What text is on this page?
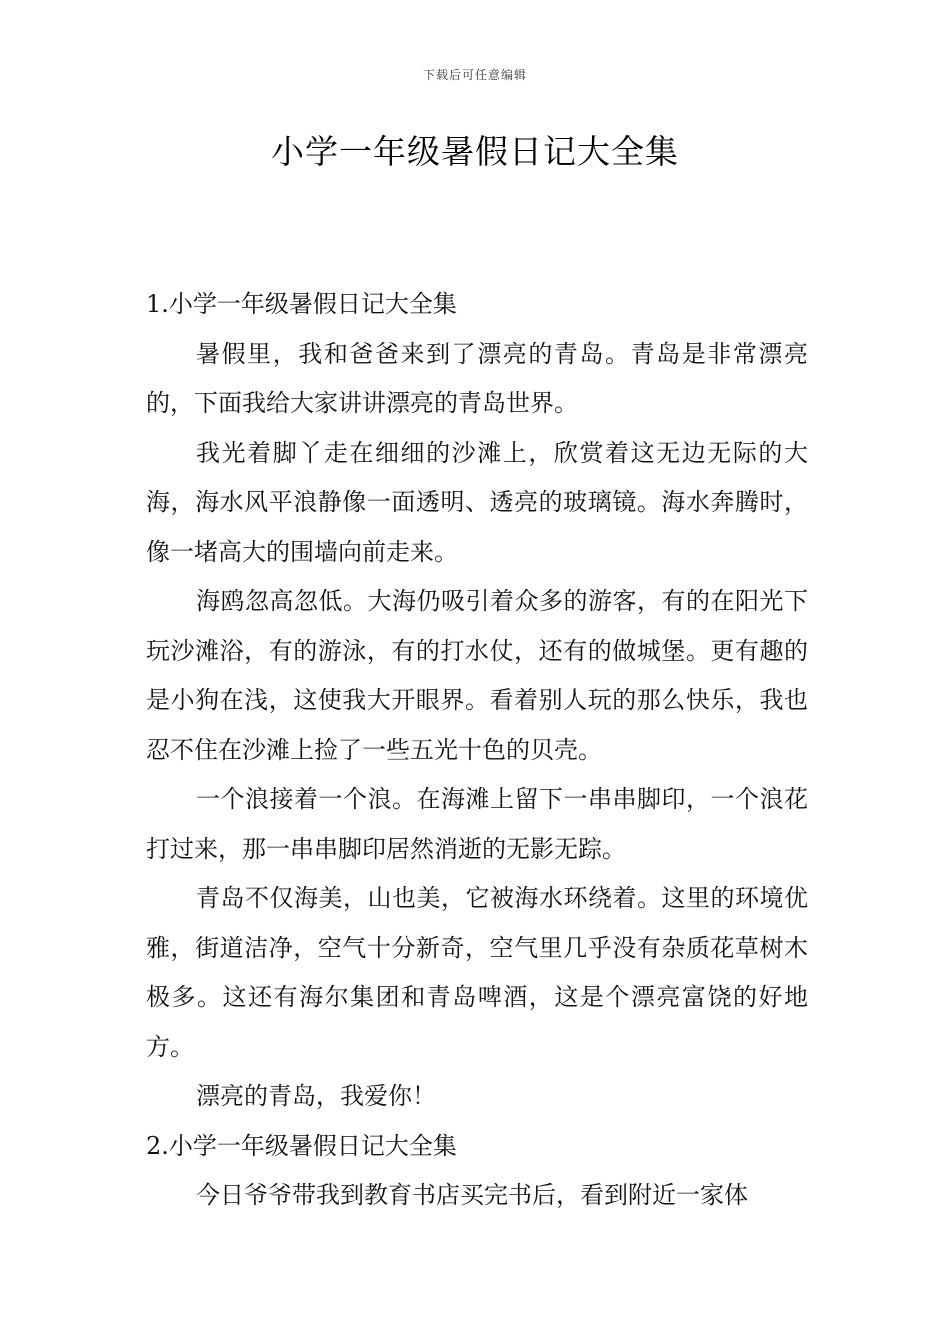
下载后可任意编辑
小学一年级暑假日记大全集

1.小学一年级暑假日记大全集

暑假里，我和爸爸来到了漂亮的青岛。青岛是非常漂亮的，下面我给大家讲讲漂亮的青岛世界。

我光着脚丫走在细细的沙滩上，欣赏着这无边无际的大海，海水风平浪静像一面透明、透亮的玻璃镜。海水奔腾时，像一堵高大的围墙向前走来。

海鸥忽高忽低。大海仍吸引着众多的游客，有的在阳光下玩沙滩浴，有的游泳，有的打水仗，还有的做城堡。更有趣的是小狗在浅，这使我大开眼界。看着别人玩的那么快乐，我也忍不住在沙滩上捡了一些五光十色的贝壳。

一个浪接着一个浪。在海滩上留下一串串脚印，一个浪花打过来，那一串串脚印居然消逝的无影无踪。

青岛不仅海美，山也美，它被海水环绕着。这里的环境优雅，街道洁净，空气十分新奇，空气里几乎没有杂质花草树木极多。这还有海尔集团和青岛啤酒，这是个漂亮富饶的好地方。

漂亮的青岛，我爱你！

2.小学一年级暑假日记大全集

今日爷爷带我到教育书店买完书后，看到附近一家体
